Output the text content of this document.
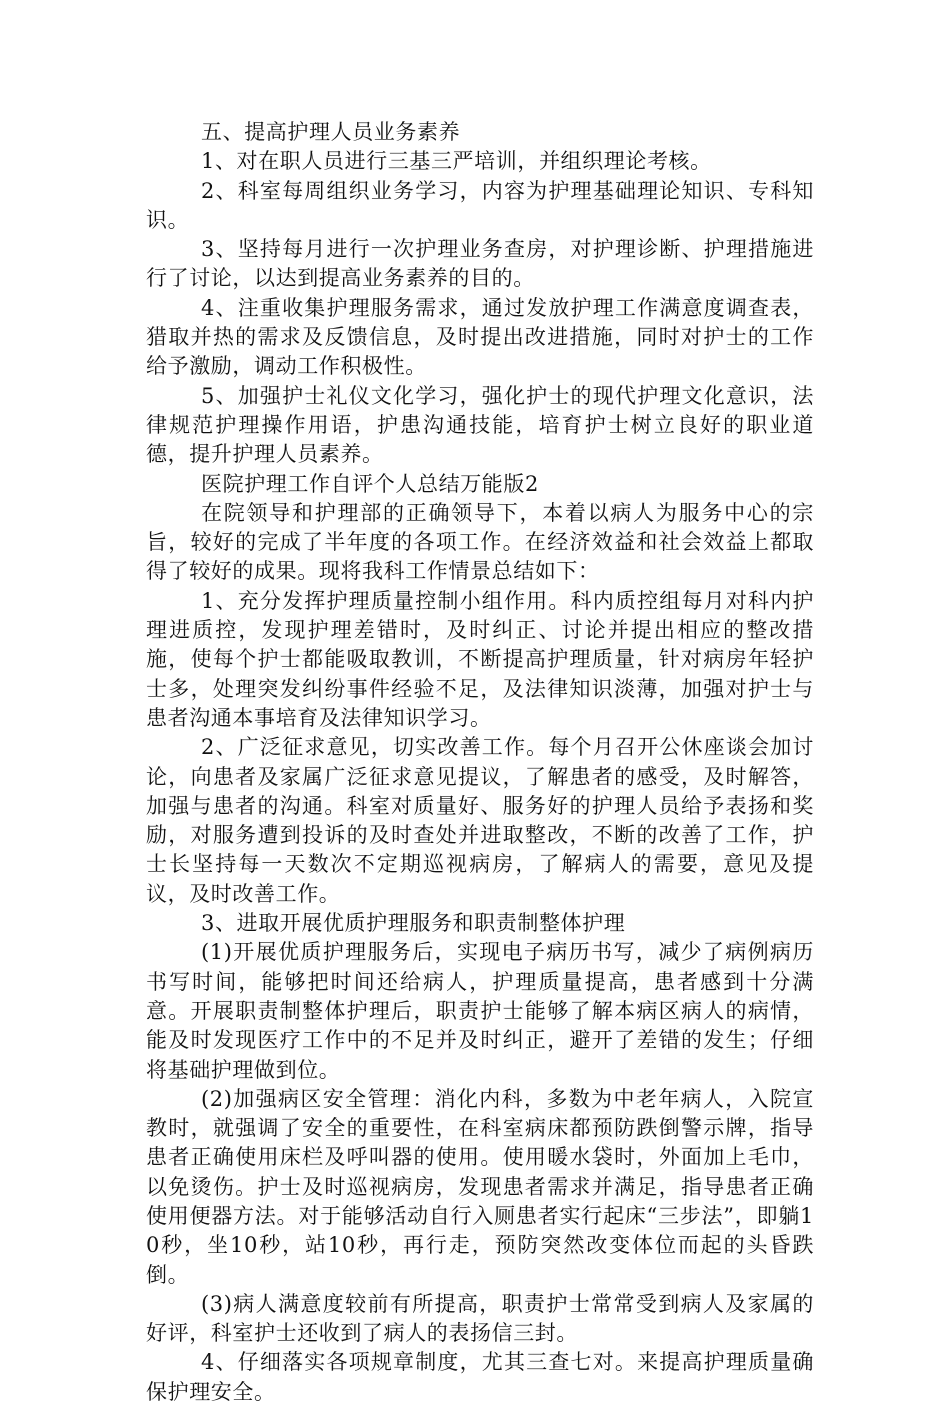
五、提高护理人员业务素养

1、对在职人员进行三基三严培训，并组织理论考核。

2、科室每周组织业务学习，内容为护理基础理论知识、专科知识。

3、坚持每月进行一次护理业务查房，对护理诊断、护理措施进行了讨论，以达到提高业务素养的目的。

4、注重收集护理服务需求，通过发放护理工作满意度调查表，猎取并热的需求及反馈信息，及时提出改进措施，同时对护士的工作给予激励，调动工作积极性。

5、加强护士礼仪文化学习，强化护士的现代护理文化意识，法律规范护理操作用语，护患沟通技能，培育护士树立良好的职业道德，提升护理人员素养。

医院护理工作自评个人总结万能版2

在院领导和护理部的正确领导下，本着以病人为服务中心的宗旨，较好的完成了半年度的各项工作。在经济效益和社会效益上都取得了较好的成果。现将我科工作情景总结如下：

1、充分发挥护理质量控制小组作用。科内质控组每月对科内护理进质控，发现护理差错时，及时纠正、讨论并提出相应的整改措施，使每个护士都能吸取教训，不断提高护理质量，针对病房年轻护士多，处理突发纠纷事件经验不足，及法律知识淡薄，加强对护士与患者沟通本事培育及法律知识学习。

2、广泛征求意见，切实改善工作。每个月召开公休座谈会加讨论，向患者及家属广泛征求意见提议，了解患者的感受，及时解答，加强与患者的沟通。科室对质量好、服务好的护理人员给予表扬和奖励，对服务遭到投诉的及时查处并进取整改，不断的改善了工作，护士长坚持每一天数次不定期巡视病房，了解病人的需要，意见及提议，及时改善工作。

3、进取开展优质护理服务和职责制整体护理

(1)开展优质护理服务后，实现电子病历书写，减少了病例病历书写时间，能够把时间还给病人，护理质量提高，患者感到十分满意。开展职责制整体护理后，职责护士能够了解本病区病人的病情，能及时发现医疗工作中的不足并及时纠正，避开了差错的发生；仔细将基础护理做到位。

(2)加强病区安全管理：消化内科，多数为中老年病人，入院宣教时，就强调了安全的重要性，在科室病床都预防跌倒警示牌，指导患者正确使用床栏及呼叫器的使用。使用暖水袋时，外面加上毛巾，以免烫伤。护士及时巡视病房，发现患者需求并满足，指导患者正确使用便器方法。对于能够活动自行入厕患者实行起床“三步法”，即躺10秒，坐10秒，站10秒，再行走，预防突然改变体位而起的头昏跌倒。

(3)病人满意度较前有所提高，职责护士常常受到病人及家属的好评，科室护士还收到了病人的表扬信三封。

4、仔细落实各项规章制度，尤其三查七对。来提高护理质量确保护理安全。
